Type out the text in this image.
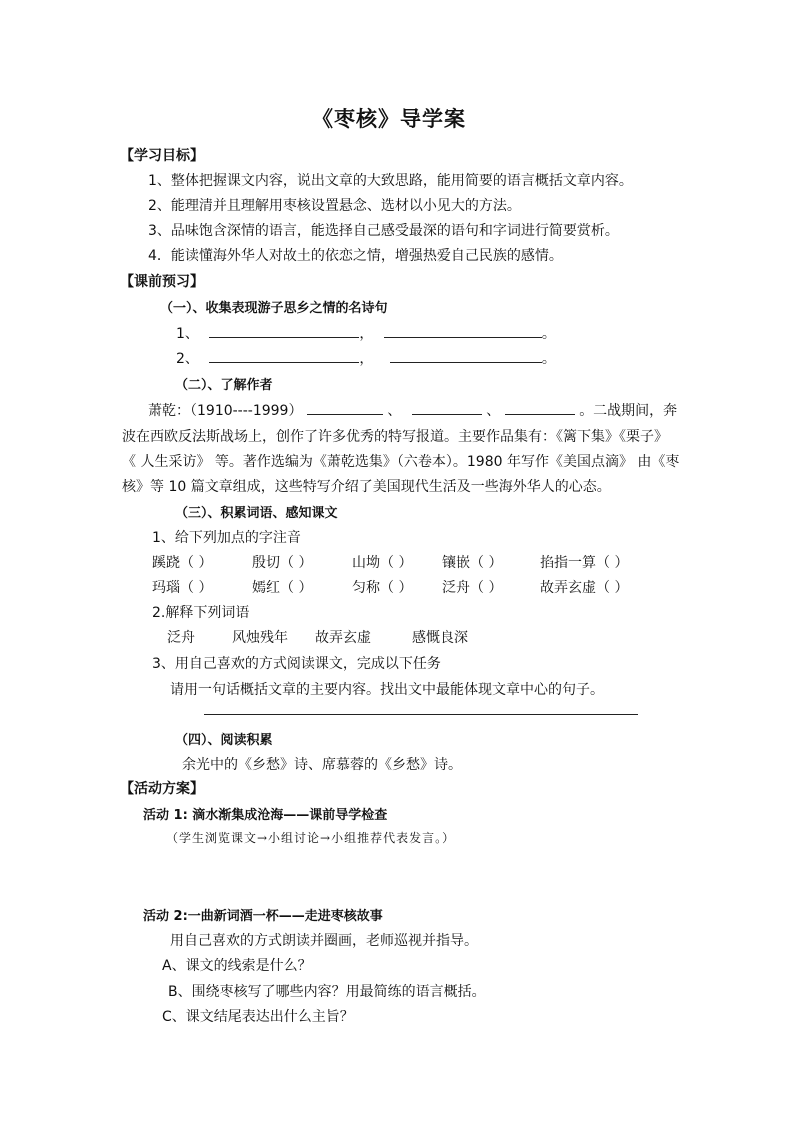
《枣核》导学案
【学习目标】
1、整体把握课文内容，说出文章的大致思路，能用简要的语言概括文章内容。
2、能理清并且理解用枣核设置悬念、选材以小见大的方法。
3、品味饱含深情的语言，能选择自己感受最深的语句和字词进行简要赏析。
4．能读懂海外华人对故土的依恋之情，增强热爱自己民族的感情。
【课前预习】
（一）、收集表现游子思乡之情的名诗句
1、	，	。
2、	，	。
（二）、了解作者
萧乾：（1910----1999）	、	、	。二战期间，奔
波在西欧反法斯战场上，创作了许多优秀的特写报道。主要作品集有：《篱下集》《栗子》
《 人生采访》 等。著作选编为《萧乾选集》（六卷本）。1980 年写作《美国点滴》 由《枣
核》等 10 篇文章组成，这些特写介绍了美国现代生活及一些海外华人的心态。
（三）、积累词语、感知课文
1、给下列加点的字注音
蹊跷（ ）	殷切（ ）	山坳（ ） 镶嵌（ ）	掐指一算（ ）
玛瑙（ ）	嫣红（ ）	匀称（ ） 泛舟（ ）	故弄玄虚（ ）
2.解释下列词语
泛舟	风烛残年 故弄玄虚	感慨良深
3、用自己喜欢的方式阅读课文，完成以下任务
请用一句话概括文章的主要内容。找出文中最能体现文章中心的句子。
（四）、阅读积累
余光中的《乡愁》诗、席慕蓉的《乡愁》诗。
【活动方案】
活动 1: 滴水渐集成沧海——课前导学检查
（学生浏览课文→小组讨论→小组推荐代表发言。）
活动 2:一曲新词酒一杯——走进枣核故事
用自己喜欢的方式朗读并圈画，老师巡视并指导。
A、课文的线索是什么？
B、围绕枣核写了哪些内容？用最简练的语言概括。
C、课文结尾表达出什么主旨？
